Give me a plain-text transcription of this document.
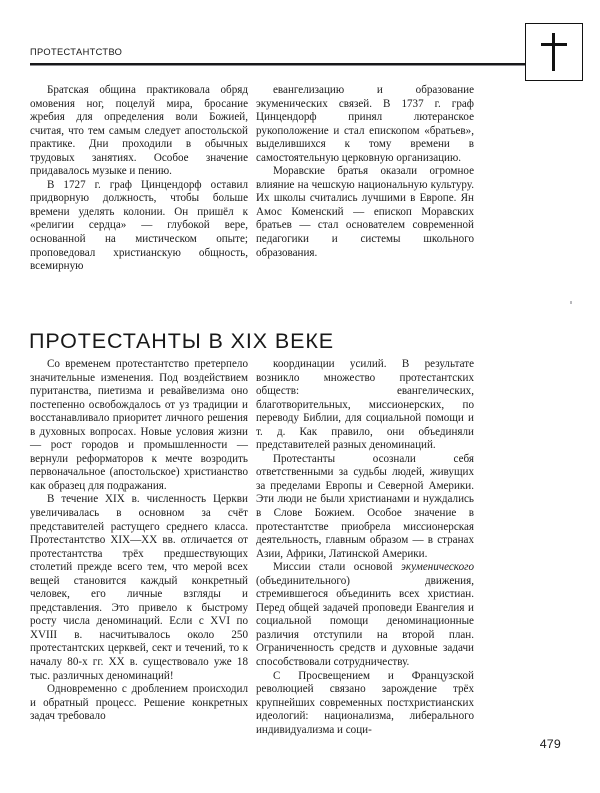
ПРОТЕСТАНТСТВО

Братская община практиковала обряд омовения ног, поцелуй мира, бросание жребия для определения воли Божией, считая, что тем самым следует апостольской практике. Дни проходили в обычных трудовых занятиях. Особое значение придавалось музыке и пению.

В 1727 г. граф Цинцендорф оставил придворную должность, чтобы больше времени уделять колонии. Он пришёл к «религии сердца» — глубокой вере, основанной на мистическом опыте; проповедовал христианскую общность, всемирную

евангелизацию и образование экуменических связей. В 1737 г. граф Цинцендорф принял лютеранское рукоположение и стал епископом «братьев», выделившихся к тому времени в самостоятельную церковную организацию.

Моравские братья оказали огромное влияние на чешскую национальную культуру. Их школы считались лучшими в Европе. Ян Амос Коменский — епископ Моравских братьев — стал основателем современной педагогики и системы школьного образования.

ПРОТЕСТАНТЫ В XIX ВЕКЕ

Со временем протестантство претерпело значительные изменения. Под воздействием пуританства, пиетизма и ревайвелизма оно постепенно освобождалось от уз традиции и восстанавливало приоритет личного решения в духовных вопросах. Новые условия жизни — рост городов и промышленности — вернули реформаторов к мечте возродить первоначальное (апостольское) христианство как образец для подражания.

В течение XIX в. численность Церкви увеличивалась в основном за счёт представителей растущего среднего класса. Протестантство XIX—XX вв. отличается от протестантства трёх предшествующих столетий прежде всего тем, что мерой всех вещей становится каждый конкретный человек, его личные взгляды и представления. Это привело к быстрому росту числа деноминаций. Если с XVI по XVIII в. насчитывалось около 250 протестантских церквей, сект и течений, то к началу 80-х гг. XX в. существовало уже 18 тыс. различных деноминаций!

Одновременно с дроблением происходил и обратный процесс. Решение конкретных задач требовало

координации усилий. В результате возникло множество протестантских обществ: евангелических, благотворительных, миссионерских, по переводу Библии, для социальной помощи и т. д. Как правило, они объединяли представителей разных деноминаций.

Протестанты осознали себя ответственными за судьбы людей, живущих за пределами Европы и Северной Америки. Эти люди не были христианами и нуждались в Слове Божием. Особое значение в протестантстве приобрела миссионерская деятельность, главным образом — в странах Азии, Африки, Латинской Америки.

Миссии стали основой экуменического (объединительного) движения, стремившегося объединить всех христиан. Перед общей задачей проповеди Евангелия и социальной помощи деноминационные различия отступили на второй план. Ограниченность средств и духовные задачи способствовали сотрудничеству.

С Просвещением и Французской революцией связано зарождение трёх крупнейших современных постхристианских идеологий: национализма, либерального индивидуализма и соци-

479
